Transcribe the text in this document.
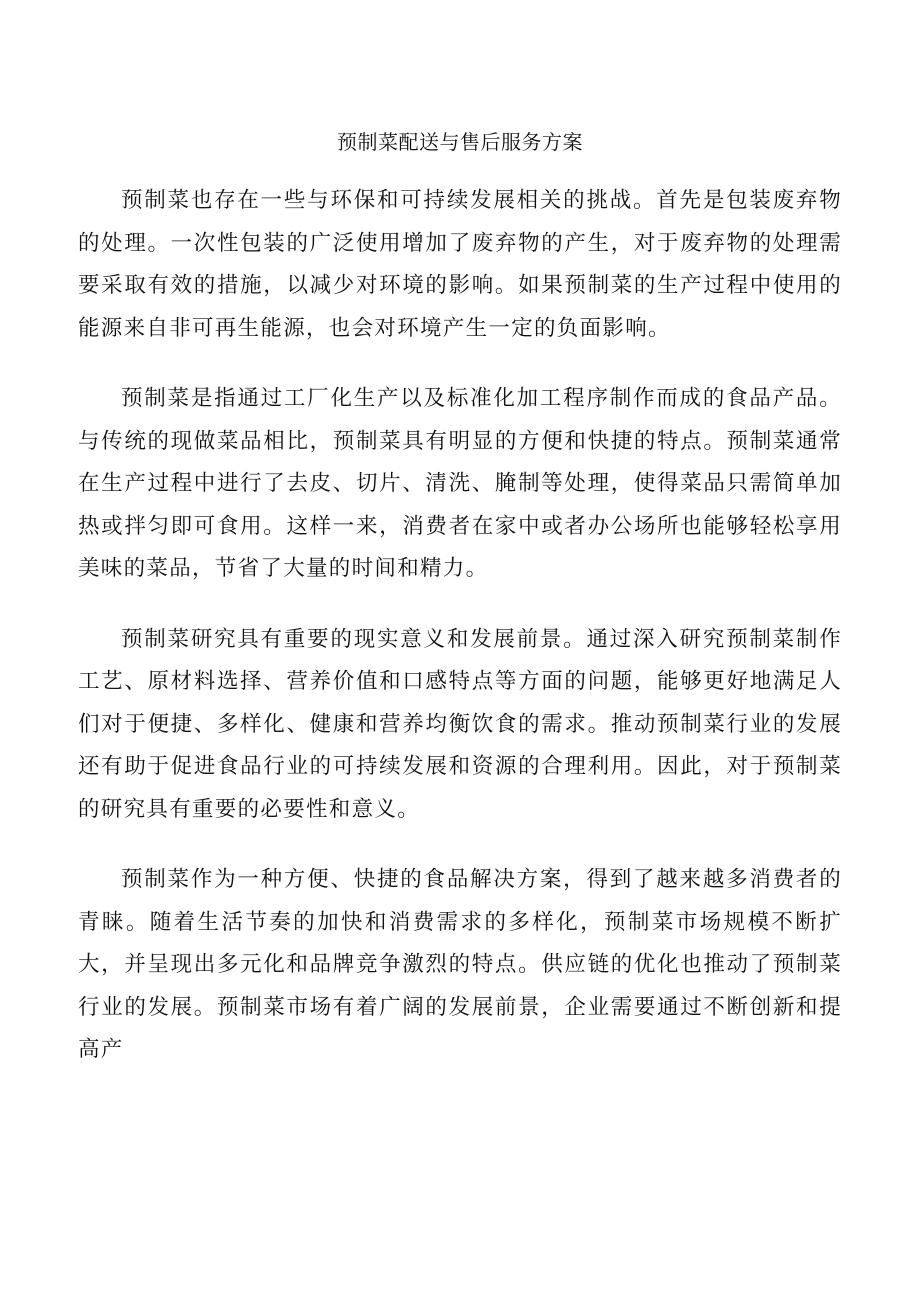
预制菜配送与售后服务方案

预制菜也存在一些与环保和可持续发展相关的挑战。首先是包装废弃物的处理。一次性包装的广泛使用增加了废弃物的产生，对于废弃物的处理需要采取有效的措施，以减少对环境的影响。如果预制菜的生产过程中使用的能源来自非可再生能源，也会对环境产生一定的负面影响。

预制菜是指通过工厂化生产以及标准化加工程序制作而成的食品产品。与传统的现做菜品相比，预制菜具有明显的方便和快捷的特点。预制菜通常在生产过程中进行了去皮、切片、清洗、腌制等处理，使得菜品只需简单加热或拌匀即可食用。这样一来，消费者在家中或者办公场所也能够轻松享用美味的菜品，节省了大量的时间和精力。

预制菜研究具有重要的现实意义和发展前景。通过深入研究预制菜制作工艺、原材料选择、营养价值和口感特点等方面的问题，能够更好地满足人们对于便捷、多样化、健康和营养均衡饮食的需求。推动预制菜行业的发展还有助于促进食品行业的可持续发展和资源的合理利用。因此，对于预制菜的研究具有重要的必要性和意义。

预制菜作为一种方便、快捷的食品解决方案，得到了越来越多消费者的青睐。随着生活节奏的加快和消费需求的多样化，预制菜市场规模不断扩大，并呈现出多元化和品牌竞争激烈的特点。供应链的优化也推动了预制菜行业的发展。预制菜市场有着广阔的发展前景，企业需要通过不断创新和提高产
